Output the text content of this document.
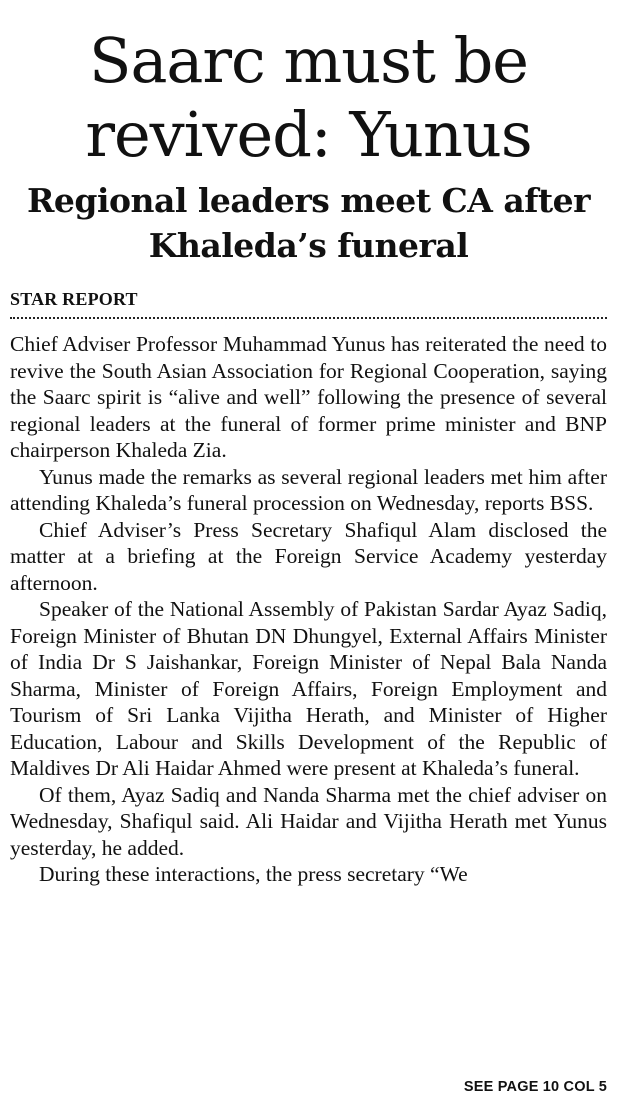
Saarc must be revived: Yunus
Regional leaders meet CA after Khaleda’s funeral
STAR REPORT

Chief Adviser Professor Muhammad Yunus has reiterated the need to revive the South Asian Association for Regional Cooperation, saying the Saarc spirit is “alive and well” following the presence of several regional leaders at the funeral of former prime minister and BNP chairperson Khaleda Zia.

Yunus made the remarks as several regional leaders met him after attending Khaleda’s funeral procession on Wednesday, reports BSS.

Chief Adviser’s Press Secretary Shafiqul Alam disclosed the matter at a briefing at the Foreign Service Academy yesterday afternoon.

Speaker of the National Assembly of Pakistan Sardar Ayaz Sadiq, Foreign Minister of Bhutan DN Dhungyel, External Affairs Minister of India Dr S Jaishankar, Foreign Minister of Nepal Bala Nanda Sharma, Minister of Foreign Affairs, Foreign Employment and Tourism of Sri Lanka Vijitha Herath, and Minister of Higher Education, Labour and Skills Development of the Republic of Maldives Dr Ali Haidar Ahmed were present at Khaleda’s funeral.

Of them, Ayaz Sadiq and Nanda Sharma met the chief adviser on Wednesday, Shafiqul said. Ali Haidar and Vijitha Herath met Yunus yesterday, he added.

During these interactions, the press secretary “We

SEE PAGE 10 COL 5
